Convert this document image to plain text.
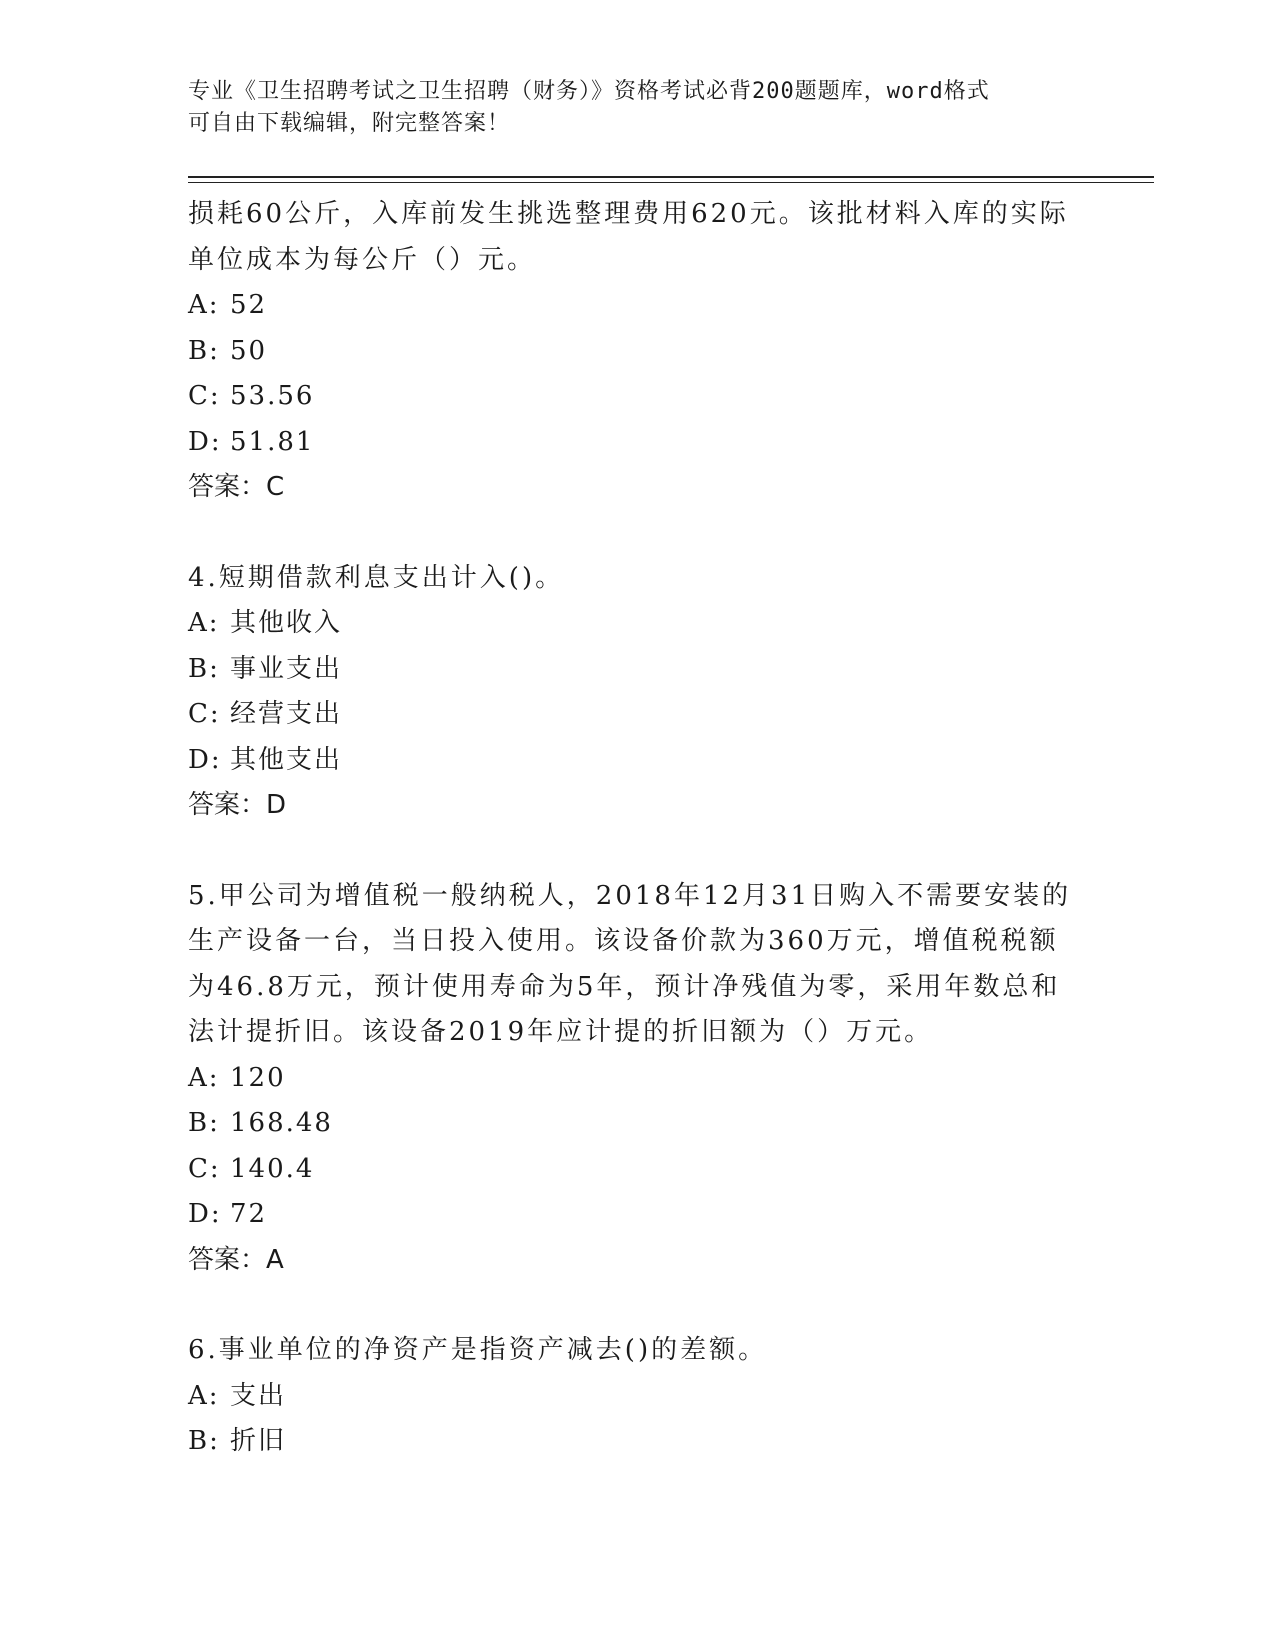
专业《卫生招聘考试之卫生招聘（财务）》资格考试必背200题题库，word格式
可自由下载编辑，附完整答案！

损耗60公斤，入库前发生挑选整理费用620元。该批材料入库的实际

单位成本为每公斤（）元。

A: 52

B: 50

C: 53.56

D: 51.81

答案：C

4.短期借款利息支出计入()。

A: 其他收入

B: 事业支出

C: 经营支出

D: 其他支出

答案：D

5.甲公司为增值税一般纳税人，2018年12月31日购入不需要安装的

生产设备一台，当日投入使用。该设备价款为360万元，增值税税额

为46.8万元，预计使用寿命为5年，预计净残值为零，采用年数总和

法计提折旧。该设备2019年应计提的折旧额为（）万元。

A: 120

B: 168.48

C: 140.4

D: 72

答案：A

6.事业单位的净资产是指资产减去()的差额。

A: 支出

B: 折旧
